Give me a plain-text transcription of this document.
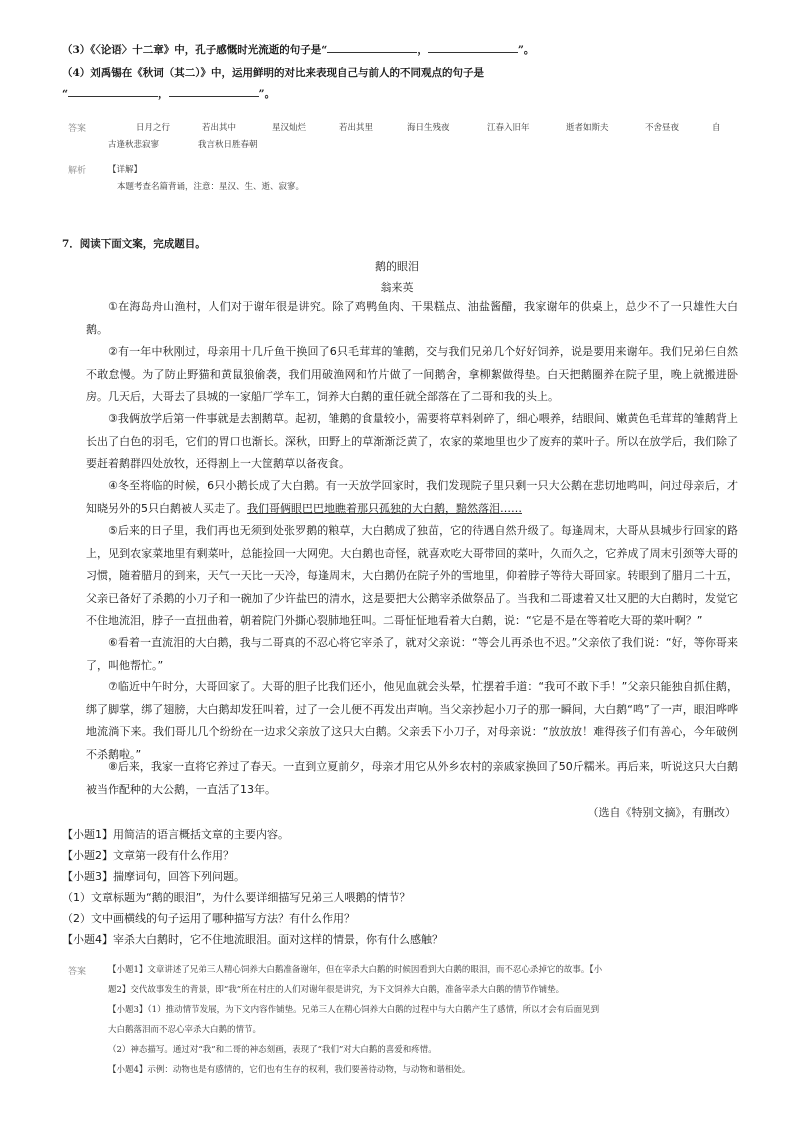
（3）《〈论语〉十二章》中，孔子感慨时光流逝的句子是“	，	”。
（4）刘禹锡在《秋词（其二）》中，运用鲜明的对比来表现自己与前人的不同观点的句子是
“	，	”。
答案	日月之行	若出其中	星汉灿烂	若出其里	海日生残夜	江春入旧年	逝者如斯夫	不舍昼夜	自
古逢秋悲寂寥	我言秋日胜春朝
解析	【详解】
本题考查名篇背诵，注意：星汉、生、逝、寂寥。
7．阅读下面文案，完成题目。
鹅的眼泪
翁来英
①在海岛舟山渔村，人们对于谢年很是讲究。除了鸡鸭鱼肉、干果糕点、油盐酱醋，我家谢年的供桌上，总少不了一只雄性大白鹅。
②有一年中秋刚过，母亲用十几斤鱼干换回了6只毛茸茸的雏鹅，交与我们兄弟几个好好饲养，说是要用来谢年。我们兄弟仨自然不敢怠慢。为了防止野猫和黄鼠狼偷袭，我们用破渔网和竹片做了一间鹅舍，拿柳絮做得垫。白天把鹅圈养在院子里，晚上就搬进卧房。几天后，大哥去了县城的一家船厂学车工，饲养大白鹅的重任就全部落在了二哥和我的头上。
③我俩放学后第一件事就是去割鹅草。起初，雏鹅的食量较小，需要将草料剁碎了，细心喂养，结眼间、嫩黄色毛茸茸的雏鹅背上长出了白色的羽毛，它们的胃口也渐长。深秋，田野上的草渐渐泛黄了，农家的菜地里也少了废弃的菜叶子。所以在放学后，我们除了要赶着鹅群四处放牧，还得割上一大筐鹅草以备夜食。
④冬至将临的时候，6只小鹅长成了大白鹅。有一天放学回家时，我们发现院子里只剩一只大公鹅在悲切地鸣叫，问过母亲后，才知晓另外的5只白鹅被人买走了。我们哥俩眼巴巴地瞧着那只孤独的大白鹅，黯然落泪……
⑤后来的日子里，我们再也无须到处张罗鹅的粮草，大白鹅成了独苗，它的待遇自然升级了。每逢周末，大哥从县城步行回家的路上，见到农家菜地里有剩菜叶，总能捡回一大网兜。大白鹅也奇怪，就喜欢吃大哥带回的菜叶，久而久之，它养成了周末引颈等大哥的习惯，随着腊月的到来，天气一天比一天冷，每逢周末，大白鹅仍在院子外的雪地里，仰着脖子等待大哥回家。转眼到了腊月二十五，父亲已备好了杀鹅的小刀子和一碗加了少许盐巴的清水，这是要把大公鹅宰杀做祭品了。当我和二哥逮着又壮又肥的大白鹅时，发觉它不住地流泪，脖子一直扭曲着，朝着院门外撕心裂肺地狂叫。二哥怔怔地看着大白鹅，说：“它是不是在等着吃大哥的菜叶啊？”
⑥看着一直流泪的大白鹅，我与二哥真的不忍心将它宰杀了，就对父亲说：“等会儿再杀也不迟。”父亲依了我们说：“好，等你哥来了，叫他帮忙。”
⑦临近中午时分，大哥回家了。大哥的胆子比我们还小，他见血就会头晕，忙摆着手道：“我可不敢下手！”父亲只能独自抓住鹅，绑了脚掌，绑了翅膀，大白鹅却发狂叫着，过了一会儿便不再发出声响。当父亲抄起小刀子的那一瞬间，大白鹅“鸣”了一声，眼泪哗哗地流淌下来。我们哥儿几个纷纷在一边求父亲放了这只大白鹅。父亲丢下小刀子，对母亲说：“放放放！难得孩子们有善心，今年破例不杀鹅啦。”
⑧后来，我家一直将它养过了春天。一直到立夏前夕，母亲才用它从外乡农村的亲戚家换回了50斤糯米。再后来，听说这只大白鹅被当作配种的大公鹅，一直活了13年。
（选自《特别文摘》，有删改）
【小题1】用简洁的语言概括文章的主要内容。
【小题2】文章第一段有什么作用？
【小题3】揣摩词句，回答下列问题。
（1）文章标题为“鹅的眼泪”，为什么要详细描写兄弟三人喂鹅的情节？
（2）文中画横线的句子运用了哪种描写方法？有什么作用？
【小题4】宰杀大白鹅时，它不住地流眼泪。面对这样的情景，你有什么感触？
答案	【小题1】文章讲述了兄弟三人精心饲养大白鹅准备谢年，但在宰杀大白鹅的时候因看到大白鹅的眼泪，而不忍心杀掉它的故事。【小
题2】交代故事发生的背景，即“我”所在村庄的人们对谢年很是讲究，为下文饲养大白鹅，准备宰杀大白鹅的情节作铺垫。
【小题3】（1）推动情节发展，为下文内容作铺垫。兄弟三人在精心饲养大白鹅的过程中与大白鹅产生了感情，所以才会有后面见到
大白鹅落泪而不忍心宰杀大白鹅的情节。
（2）神态描写。通过对“我”和二哥的神态刻画，表现了“我们”对大白鹅的喜爱和疼惜。
【小题4】示例：动物也是有感情的，它们也有生存的权利，我们要善待动物，与动物和谐相处。
